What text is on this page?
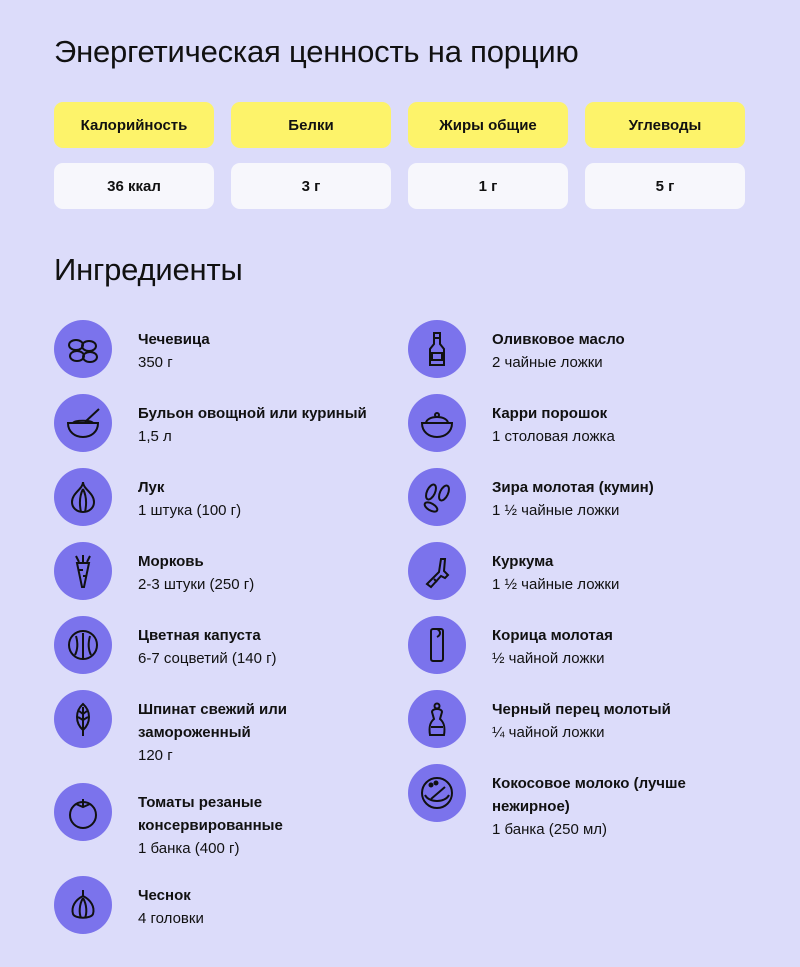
Энергетическая ценность на порцию
Калорийность	Белки	Жиры общие	Углеводы
36 ккал	3 г	1 г	5 г
Ингредиенты
Чечевица
350 г
Бульон овощной или куриный
1,5 л
Лук
1 штука (100 г)
Морковь
2-3 штуки (250 г)
Цветная капуста
6-7 соцветий (140 г)
Шпинат свежий или замороженный
120 г
Томаты резаные консервированные
1 банка (400 г)
Чеснок
4 головки
Оливковое масло
2 чайные ложки
Карри порошок
1 столовая ложка
Зира молотая (кумин)
1 ½ чайные ложки
Куркума
1 ½ чайные ложки
Корица молотая
½ чайной ложки
Черный перец молотый
¼ чайной ложки
Кокосовое молоко (лучше нежирное)
1 банка (250 мл)
